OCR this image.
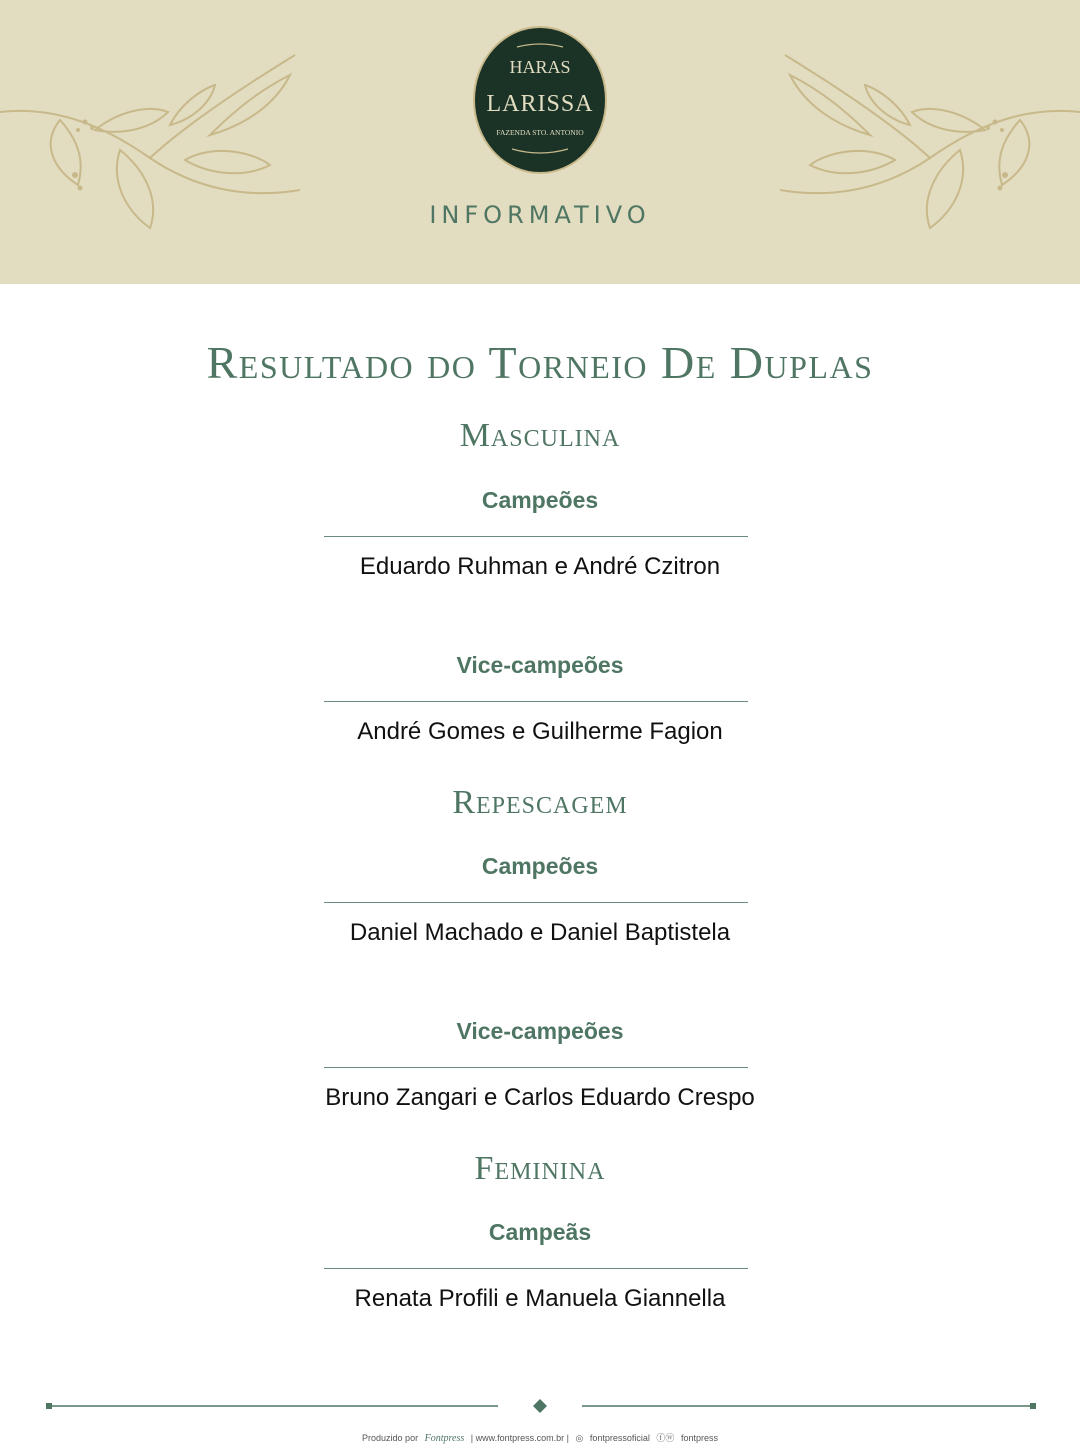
HARAS
LARISSA
FAZENDA STO. ANTONIO
INFORMATIVO
Resultado do Torneio De Duplas
Masculina
Campeões
Eduardo Ruhman e André Czitron
Vice-campeões
André Gomes e Guilherme Fagion
Repescagem
Campeões
Daniel Machado e Daniel Baptistela
Vice-campeões
Bruno Zangari e Carlos Eduardo Crespo
Feminina
Campeãs
Renata Profili e Manuela Giannella
Produzido por Fontpress | www.fontpress.com.br | ◎ fontpressoficial ⓕⓦ fontpress
